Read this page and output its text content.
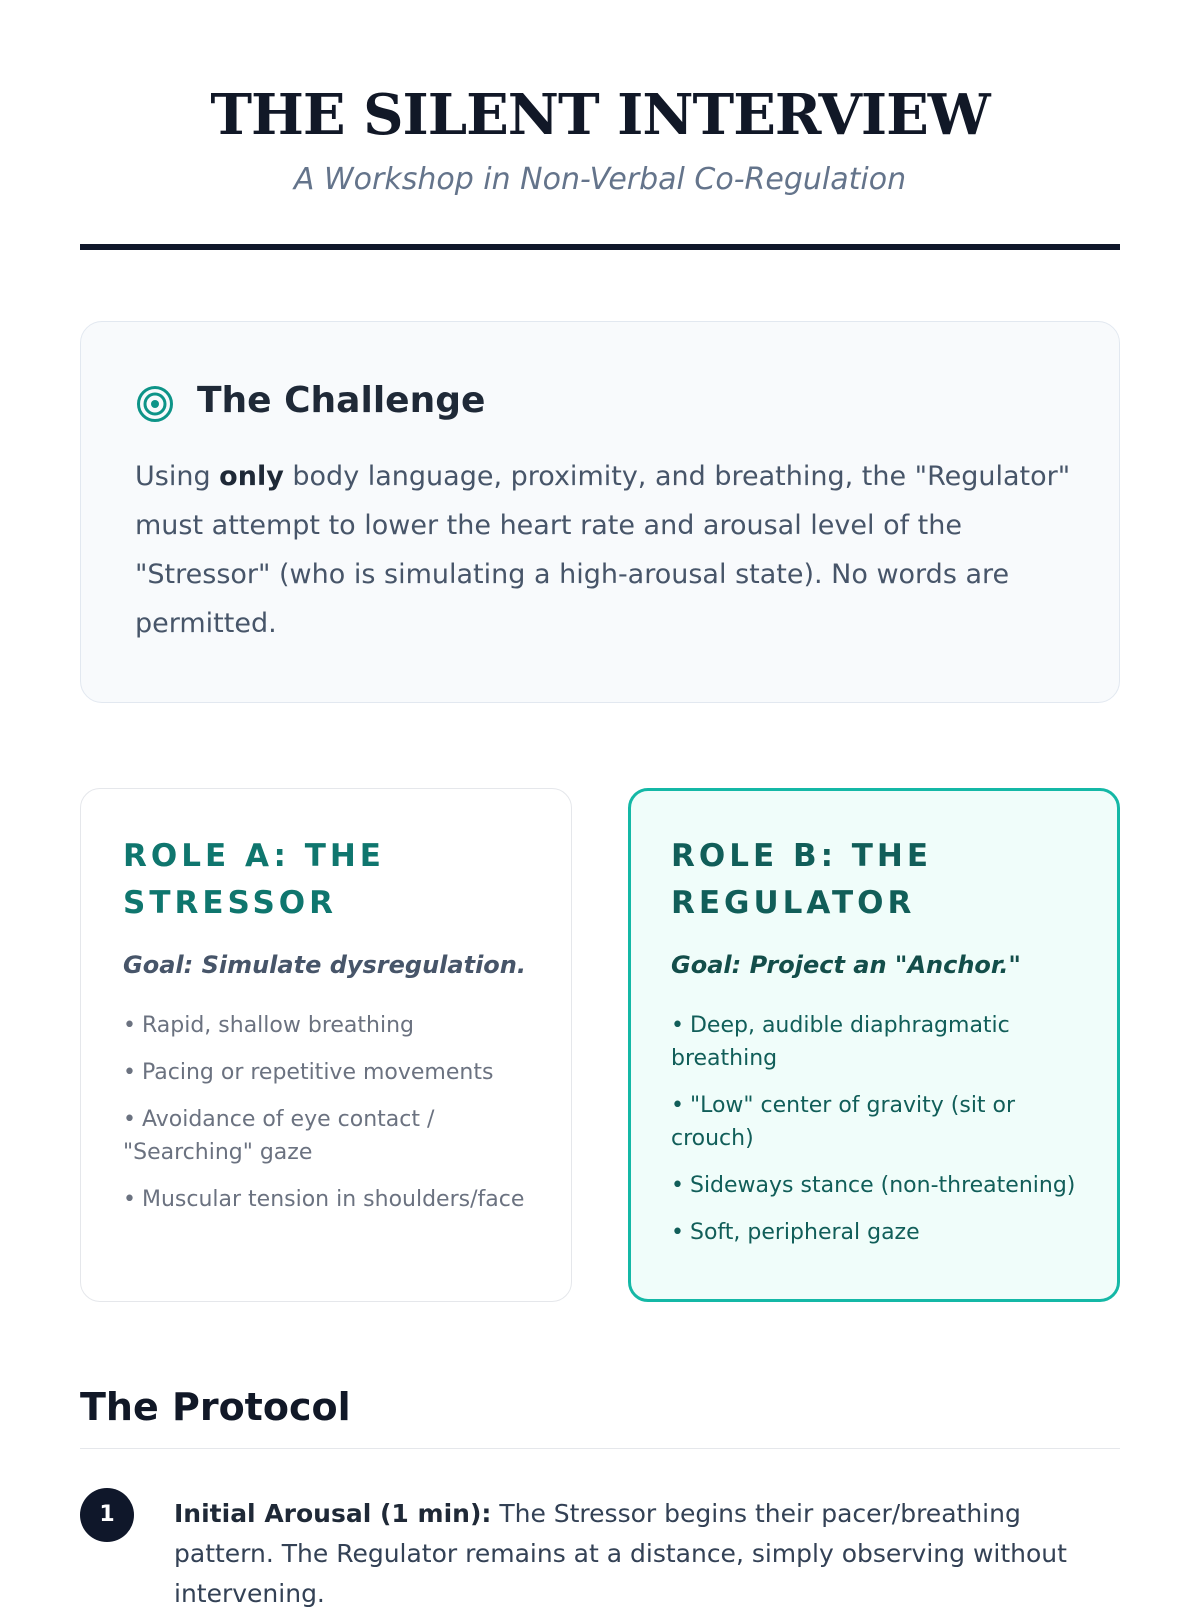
THE SILENT INTERVIEW
A Workshop in Non-Verbal Co-Regulation
The Challenge

Using only body language, proximity, and breathing, the "Regulator" must attempt to lower the heart rate and arousal level of the "Stressor" (who is simulating a high-arousal state). No words are permitted.

ROLE A: THE STRESSOR
Goal: Simulate dysregulation.
• Rapid, shallow breathing
• Pacing or repetitive movements
• Avoidance of eye contact / "Searching" gaze
• Muscular tension in shoulders/face
ROLE B: THE REGULATOR
Goal: Project an "Anchor."
• Deep, audible diaphragmatic breathing
• "Low" center of gravity (sit or crouch)
• Sideways stance (non-threatening)
• Soft, peripheral gaze
The Protocol
1	Initial Arousal (1 min): The Stressor begins their pacer/breathing pattern. The Regulator remains at a distance, simply observing without intervening.
